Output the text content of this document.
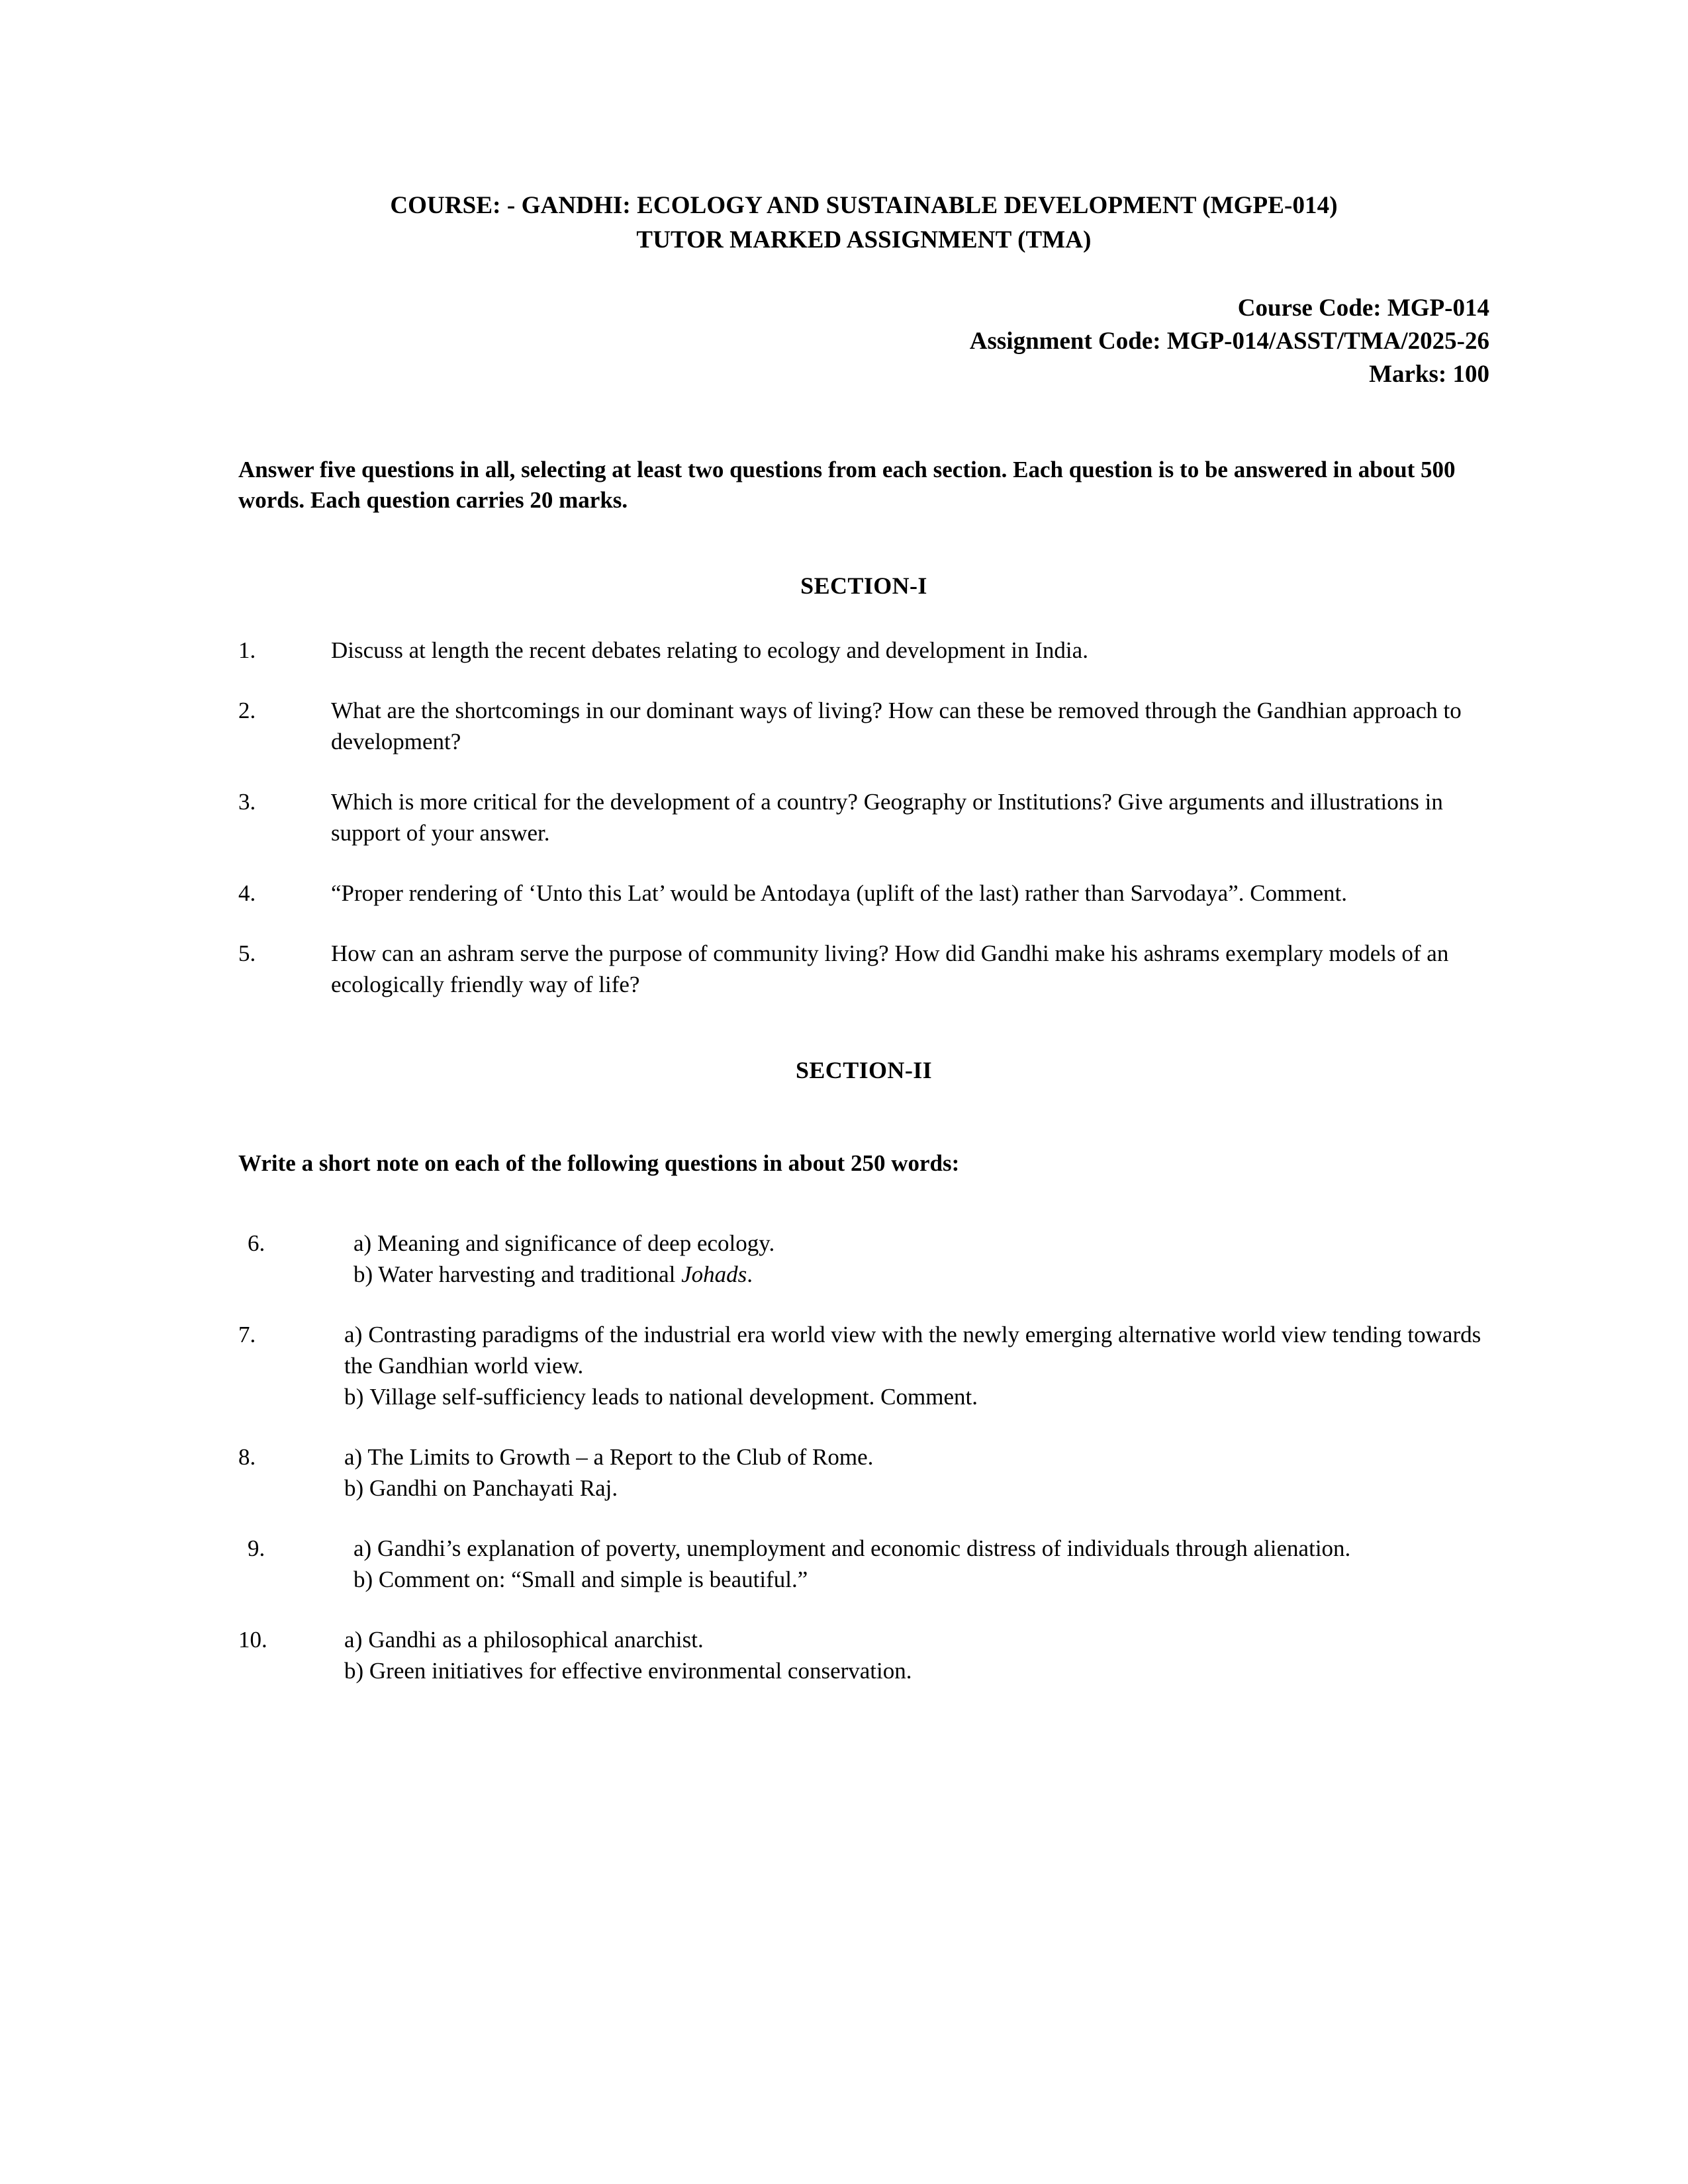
COURSE: - GANDHI: ECOLOGY AND SUSTAINABLE DEVELOPMENT (MGPE-014)
TUTOR MARKED ASSIGNMENT (TMA)
Course Code: MGP-014
Assignment Code: MGP-014/ASST/TMA/2025-26
Marks: 100
Answer five questions in all, selecting at least two questions from each section. Each question is to be answered in about 500 words. Each question carries 20 marks.
SECTION-I
1.	Discuss at length the recent debates relating to ecology and development in India.
2.	What are the shortcomings in our dominant ways of living? How can these be removed through the Gandhian approach to development?
3.	Which is more critical for the development of a country? Geography or Institutions? Give arguments and illustrations in support of your answer.
4.	“Proper rendering of ‘Unto this Lat’ would be Antodaya (uplift of the last) rather than Sarvodaya”. Comment.
5.	How can an ashram serve the purpose of community living? How did Gandhi make his ashrams exemplary models of an ecologically friendly way of life?
SECTION-II
Write a short note on each of the following questions in about 250 words:
6.	a) Meaning and significance of deep ecology.
b) Water harvesting and traditional Johads.
7.	a) Contrasting paradigms of the industrial era world view with the newly emerging alternative world view tending towards the Gandhian world view.
b) Village self-sufficiency leads to national development. Comment.
8.	a) The Limits to Growth – a Report to the Club of Rome.
b) Gandhi on Panchayati Raj.
9.	a) Gandhi’s explanation of poverty, unemployment and economic distress of individuals through alienation.
b) Comment on: “Small and simple is beautiful.”
10.	a) Gandhi as a philosophical anarchist.
b) Green initiatives for effective environmental conservation.
